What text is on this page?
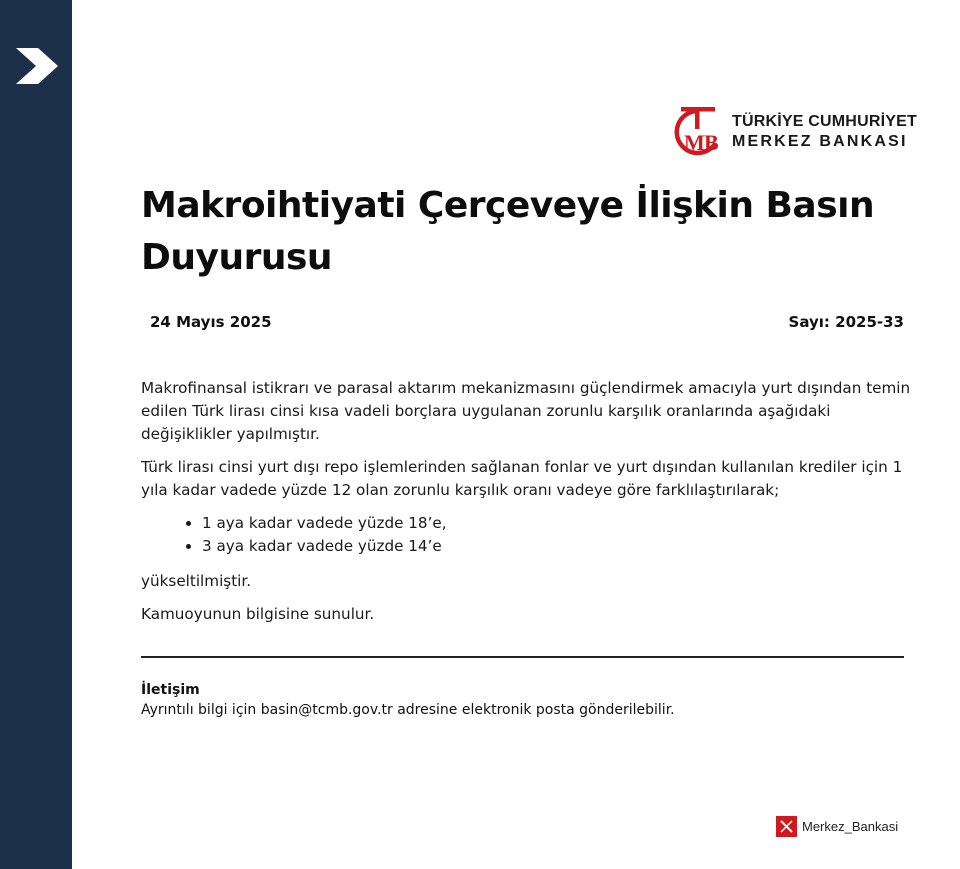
M B
TÜRKİYE CUMHURİYET
MERKEZ BANKASI
Makroihtiyati Çerçeveye İlişkin Basın Duyurusu
24 Mayıs 2025	Sayı: 2025-33

Makrofinansal istikrarı ve parasal aktarım mekanizmasını güçlendirmek amacıyla yurt dışından temin edilen Türk lirası cinsi kısa vadeli borçlara uygulanan zorunlu karşılık oranlarında aşağıdaki değişiklikler yapılmıştır.

Türk lirası cinsi yurt dışı repo işlemlerinden sağlanan fonlar ve yurt dışından kullanılan krediler için 1 yıla kadar vadede yüzde 12 olan zorunlu karşılık oranı vadeye göre farklılaştırılarak;

• 1 aya kadar vadede yüzde 18’e,
• 3 aya kadar vadede yüzde 14’e

yükseltilmiştir.

Kamuoyunun bilgisine sunulur.

İletişim
Ayrıntılı bilgi için basin@tcmb.gov.tr adresine elektronik posta gönderilebilir.
Merkez_Bankasi
